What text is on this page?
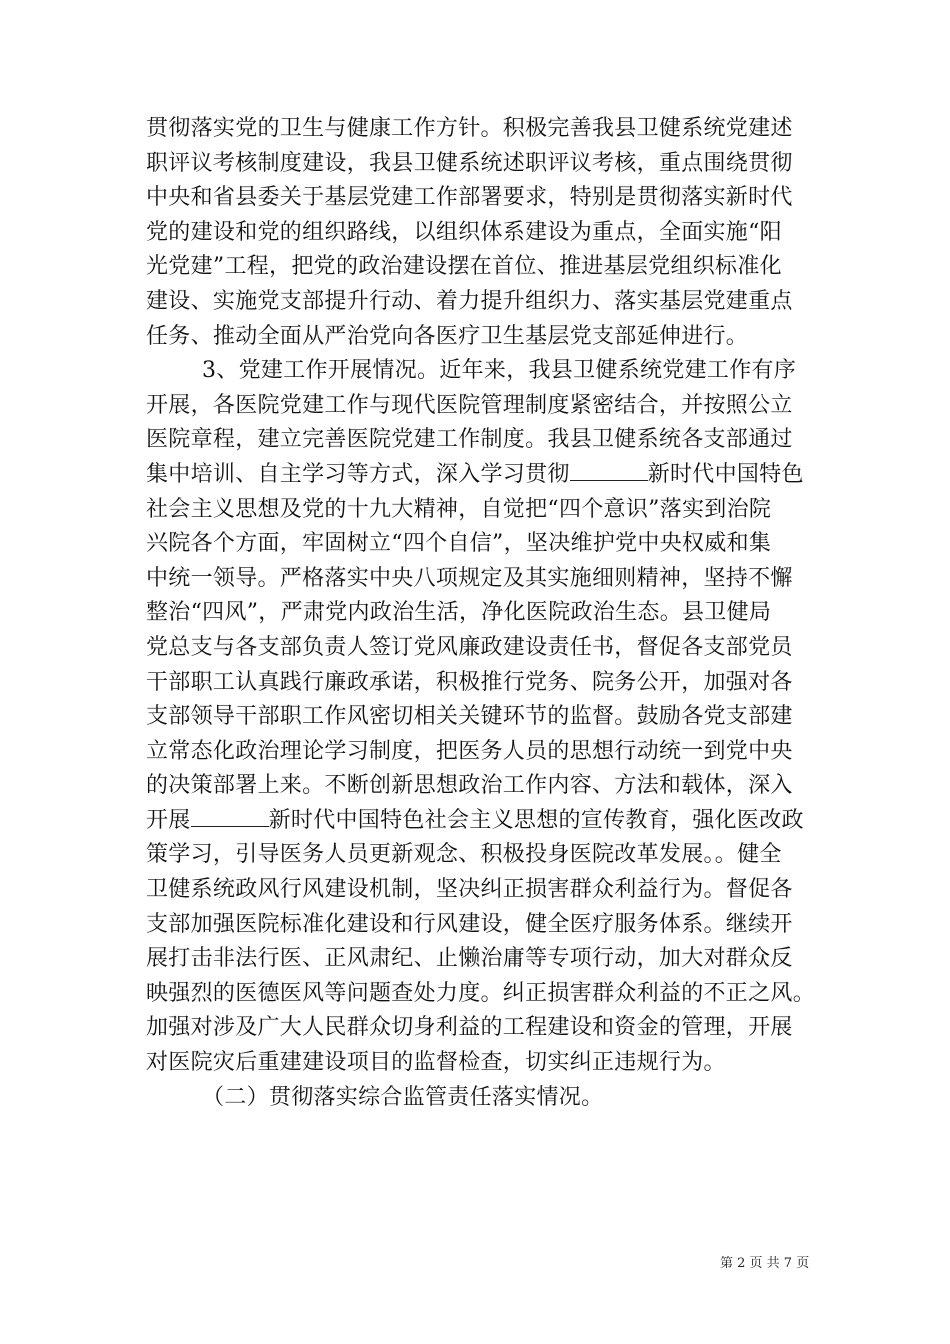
贯彻落实党的卫生与健康工作方针。积极完善我县卫健系统党建述
职评议考核制度建设，我县卫健系统述职评议考核，重点围绕贯彻
中央和省县委关于基层党建工作部署要求，特别是贯彻落实新时代
党的建设和党的组织路线，以组织体系建设为重点，全面实施“阳
光党建”工程，把党的政治建设摆在首位、推进基层党组织标准化
建设、实施党支部提升行动、着力提升组织力、落实基层党建重点
任务、推动全面从严治党向各医疗卫生基层党支部延伸进行。
3、党建工作开展情况。近年来，我县卫健系统党建工作有序
开展，各医院党建工作与现代医院管理制度紧密结合，并按照公立
医院章程，建立完善医院党建工作制度。我县卫健系统各支部通过
集中培训、自主学习等方式，深入学习贯彻	新时代中国特色
社会主义思想及党的十九大精神，自觉把“四个意识”落实到治院
兴院各个方面，牢固树立“四个自信”，坚决维护党中央权威和集
中统一领导。严格落实中央八项规定及其实施细则精神，坚持不懈
整治“四风”，严肃党内政治生活，净化医院政治生态。县卫健局
党总支与各支部负责人签订党风廉政建设责任书，督促各支部党员
干部职工认真践行廉政承诺，积极推行党务、院务公开，加强对各
支部领导干部职工作风密切相关关键环节的监督。鼓励各党支部建
立常态化政治理论学习制度，把医务人员的思想行动统一到党中央
的决策部署上来。不断创新思想政治工作内容、方法和载体，深入
开展	新时代中国特色社会主义思想的宣传教育，强化医改政
策学习，引导医务人员更新观念、积极投身医院改革发展。。健全
卫健系统政风行风建设机制，坚决纠正损害群众利益行为。督促各
支部加强医院标准化建设和行风建设，健全医疗服务体系。继续开
展打击非法行医、正风肃纪、止懒治庸等专项行动，加大对群众反
映强烈的医德医风等问题查处力度。纠正损害群众利益的不正之风。
加强对涉及广大人民群众切身利益的工程建设和资金的管理，开展
对医院灾后重建建设项目的监督检查，切实纠正违规行为。
（二）贯彻落实综合监管责任落实情况。
第 2 页 共 7 页
